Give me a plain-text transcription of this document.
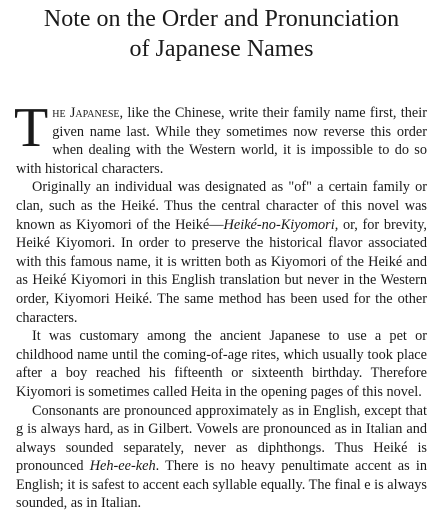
Note on the Order and Pronunciation
of Japanese Names

The Japanese, like the Chinese, write their family name first, their given name last. While they sometimes now reverse this order when dealing with the Western world, it is impossible to do so with historical characters.

Originally an individual was designated as "of" a certain family or clan, such as the Heiké. Thus the central character of this novel was known as Kiyomori of the Heiké—Heiké-no-Kiyomori, or, for brevity, Heiké Kiyomori. In order to preserve the historical flavor associated with this famous name, it is written both as Kiyomori of the Heiké and as Heiké Kiyomori in this English translation but never in the Western order, Kiyomori Heiké. The same method has been used for the other characters.

It was customary among the ancient Japanese to use a pet or childhood name until the coming-of-age rites, which usually took place after a boy reached his fifteenth or sixteenth birthday. Therefore Kiyomori is sometimes called Heita in the opening pages of this novel.

Consonants are pronounced approximately as in English, except that g is always hard, as in Gilbert. Vowels are pronounced as in Italian and always sounded separately, never as diphthongs. Thus Heiké is pronounced Heh-ee-keh. There is no heavy penultimate accent as in English; it is safest to accent each syllable equally. The final e is always sounded, as in Italian.
